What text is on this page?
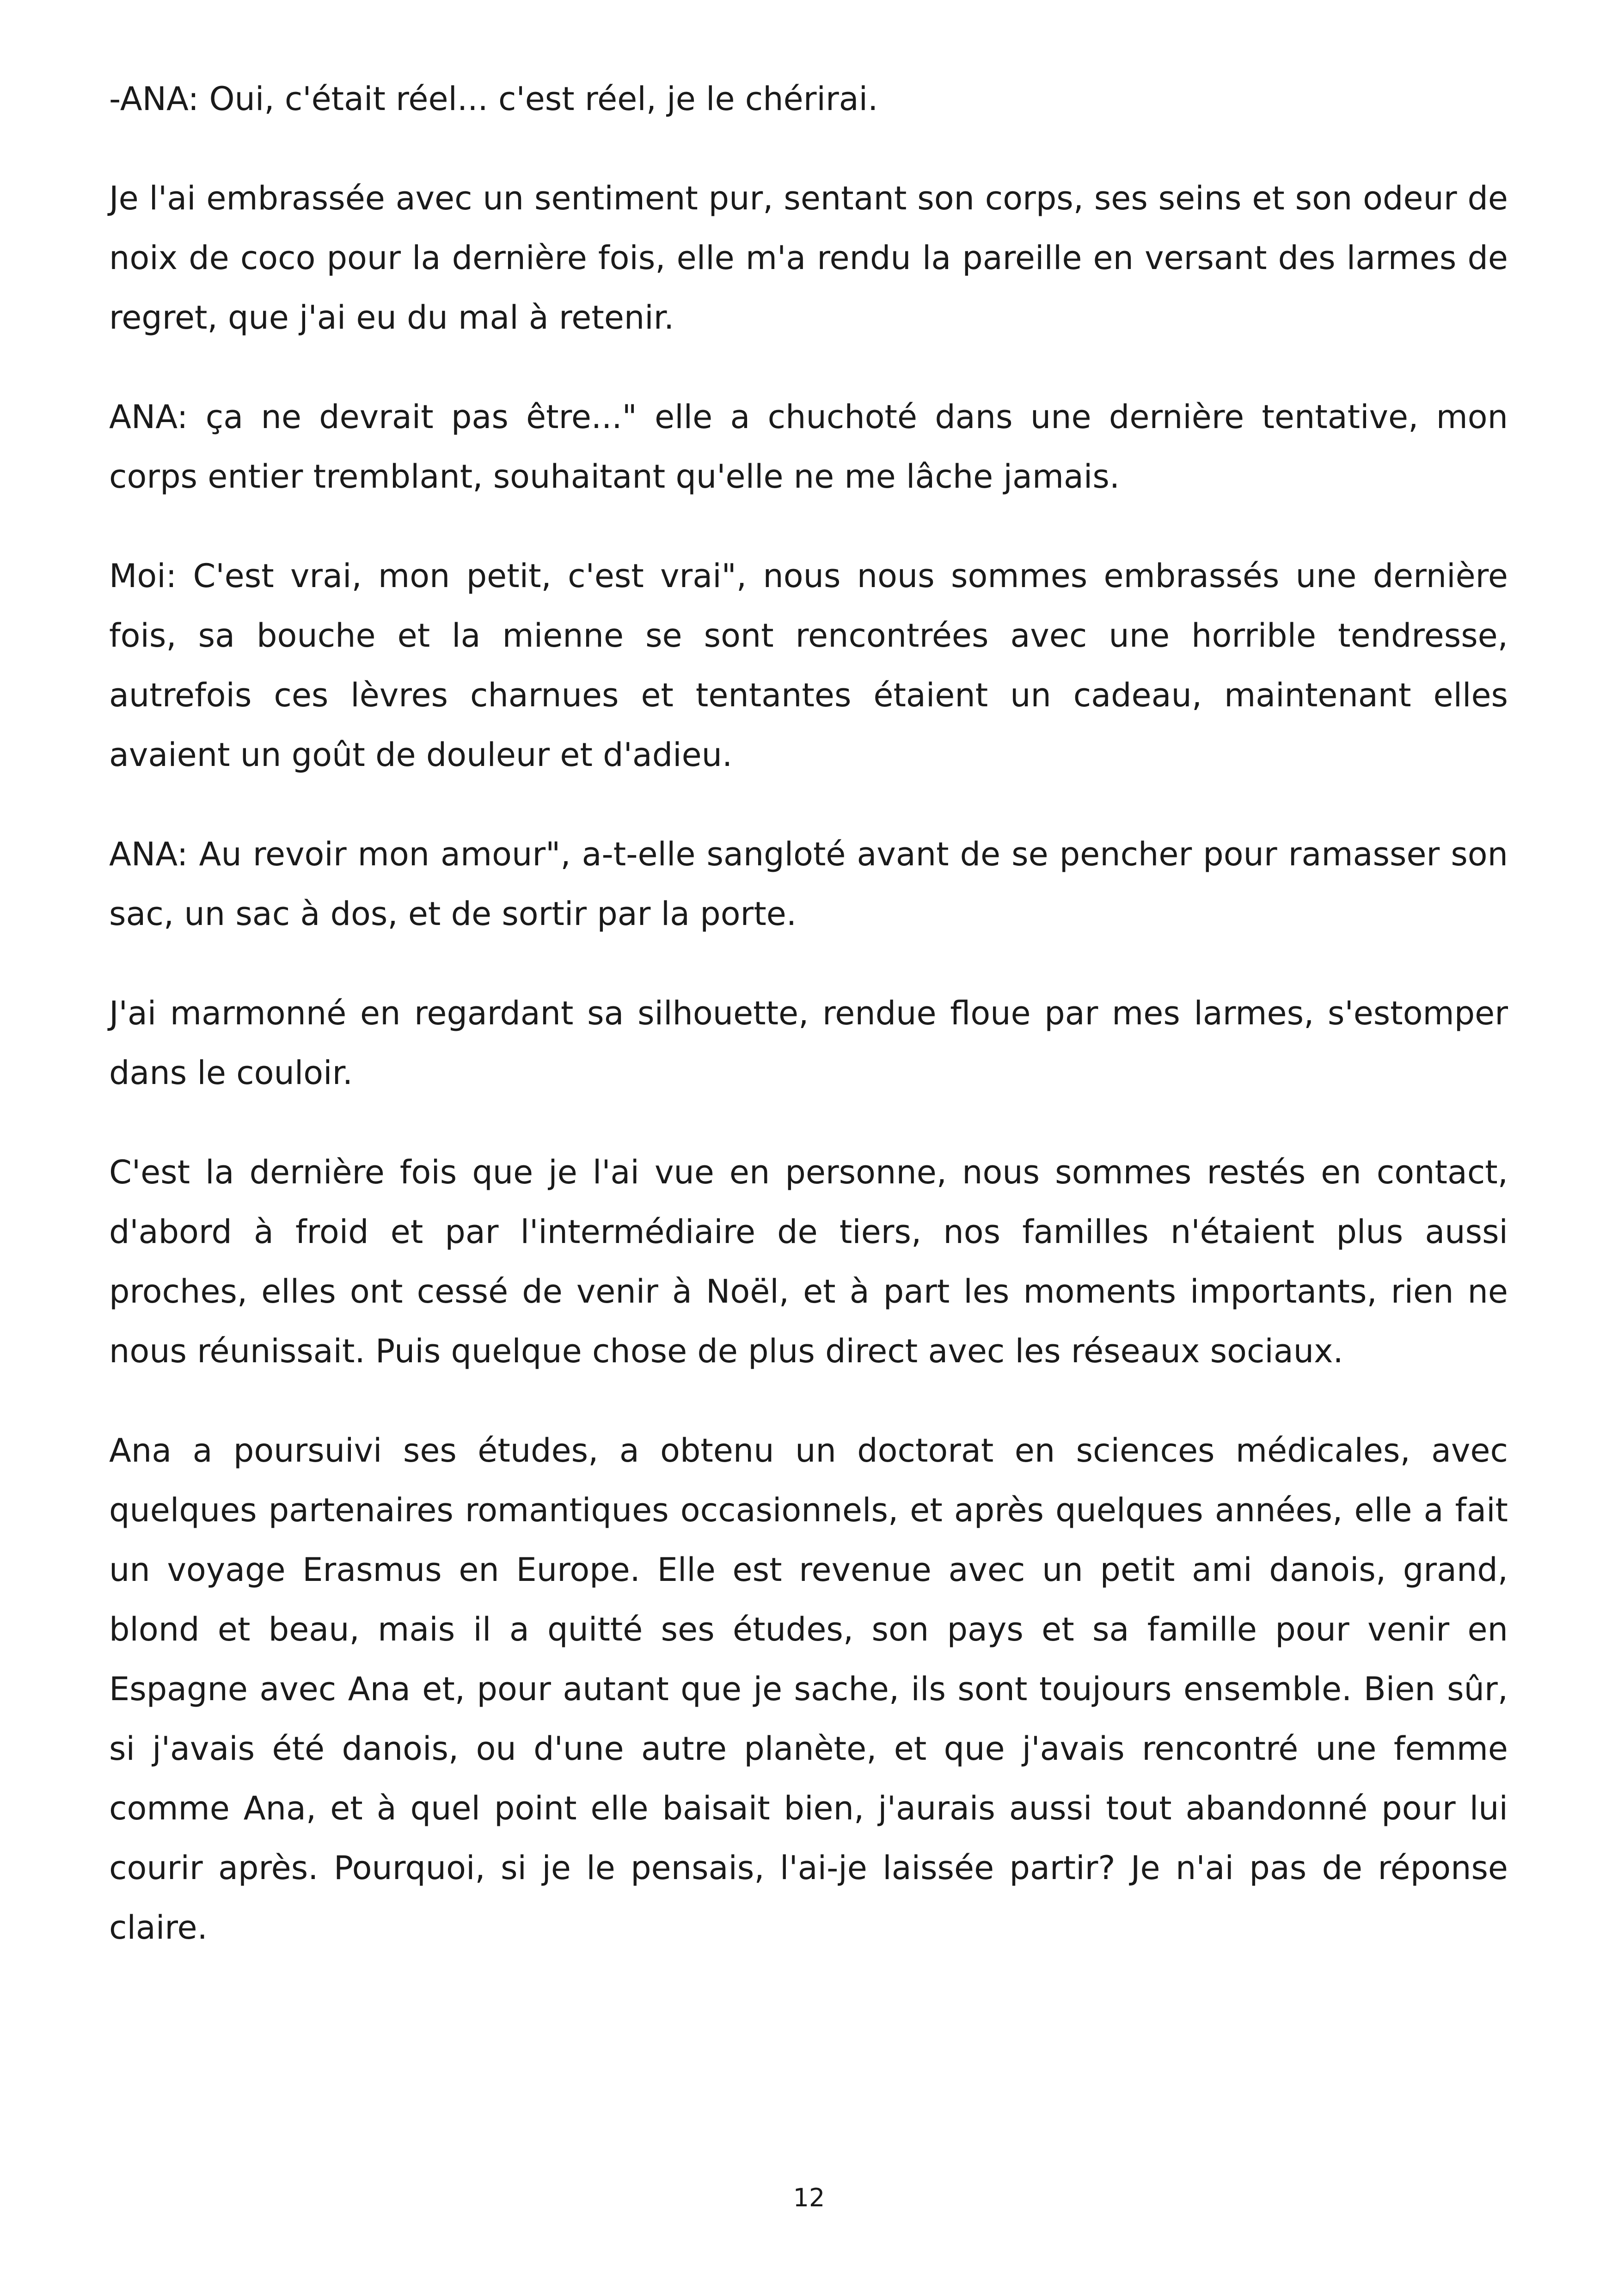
-ANA: Oui, c'était réel... c'est réel, je le chérirai.

Je l'ai embrassée avec un sentiment pur, sentant son corps, ses seins et son odeur de noix de coco pour la dernière fois, elle m'a rendu la pareille en versant des larmes de regret, que j'ai eu du mal à retenir.

ANA: ça ne devrait pas être..." elle a chuchoté dans une dernière tentative, mon corps entier tremblant, souhaitant qu'elle ne me lâche jamais.

Moi: C'est vrai, mon petit, c'est vrai", nous nous sommes embrassés une dernière fois, sa bouche et la mienne se sont rencontrées avec une horrible tendresse, autrefois ces lèvres charnues et tentantes étaient un cadeau, maintenant elles avaient un goût de douleur et d'adieu.

ANA: Au revoir mon amour", a-t-elle sangloté avant de se pencher pour ramasser son sac, un sac à dos, et de sortir par la porte.

J'ai marmonné en regardant sa silhouette, rendue floue par mes larmes, s'estomper dans le couloir.

C'est la dernière fois que je l'ai vue en personne, nous sommes restés en contact, d'abord à froid et par l'intermédiaire de tiers, nos familles n'étaient plus aussi proches, elles ont cessé de venir à Noël, et à part les moments importants, rien ne nous réunissait. Puis quelque chose de plus direct avec les réseaux sociaux.

Ana a poursuivi ses études, a obtenu un doctorat en sciences médicales, avec quelques partenaires romantiques occasionnels, et après quelques années, elle a fait un voyage Erasmus en Europe. Elle est revenue avec un petit ami danois, grand, blond et beau, mais il a quitté ses études, son pays et sa famille pour venir en Espagne avec Ana et, pour autant que je sache, ils sont toujours ensemble. Bien sûr, si j'avais été danois, ou d'une autre planète, et que j'avais rencontré une femme comme Ana, et à quel point elle baisait bien, j'aurais aussi tout abandonné pour lui courir après. Pourquoi, si je le pensais, l'ai-je laissée partir? Je n'ai pas de réponse claire.

12
